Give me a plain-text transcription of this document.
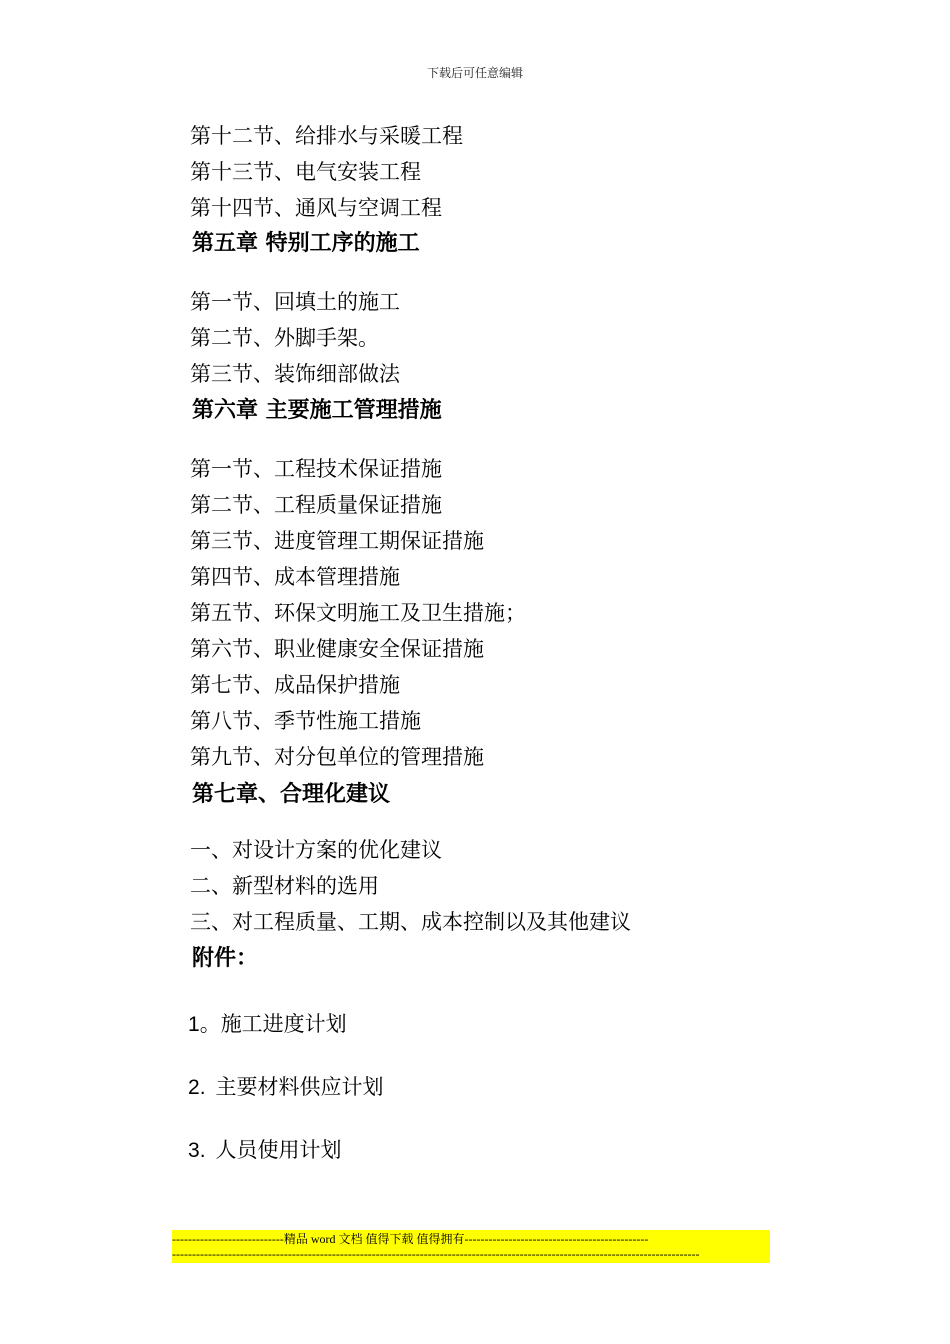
下载后可任意编辑
第十二节、给排水与采暖工程
第十三节、电气安装工程
第十四节、通风与空调工程
第五章 特别工序的施工
第一节、回填土的施工
第二节、外脚手架。
第三节、装饰细部做法
第六章 主要施工管理措施
第一节、工程技术保证措施
第二节、工程质量保证措施
第三节、进度管理工期保证措施
第四节、成本管理措施
第五节、环保文明施工及卫生措施；
第六节、职业健康安全保证措施
第七节、成品保护措施
第八节、季节性施工措施
第九节、对分包单位的管理措施
第七章、合理化建议
一、对设计方案的优化建议
二、新型材料的选用
三、对工程质量、工期、成本控制以及其他建议
附件：
1。施工进度计划
2. 主要材料供应计划
3. 人员使用计划
----------------------------精品 word 文档 值得下载 值得拥有----------------------------------------------
------------------------------------------------------------------------------------------------------------------------------------
